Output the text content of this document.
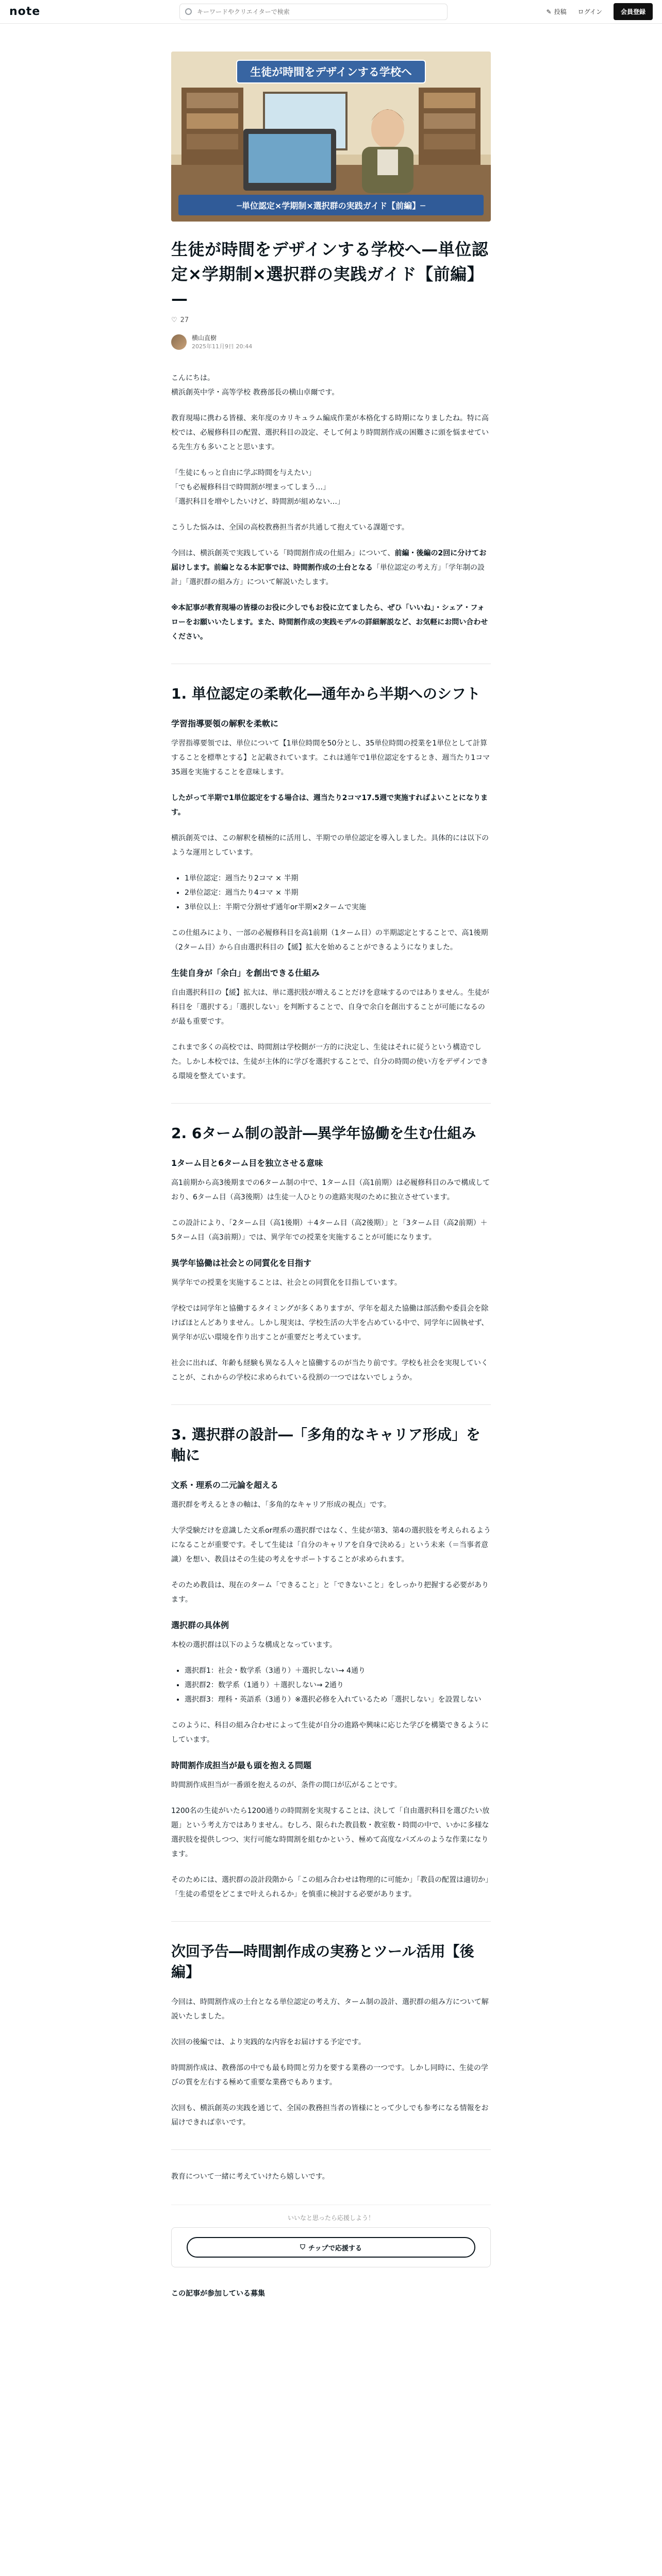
note
キーワードやクリエイターで検索	✎ 投稿 ログイン	会員登録
生徒が時間をデザインする学校へ
─単位認定×学期制×選択群の実践ガイド【前編】─
生徒が時間をデザインする学校へ—単位認定×学期制×選択群の実践ガイド【前編】—
♡ 27
横山直樹
2025年11月9日 20:44

こんにちは。
横浜創英中学・高等学校 教務部長の横山卓爾です。

教育現場に携わる皆様、来年度のカリキュラム編成作業が本格化する時期になりましたね。特に高校では、必履修科目の配置、選択科目の設定、そして何より時間割作成の困難さに頭を悩ませている先生方も多いことと思います。

「生徒にもっと自由に学ぶ時間を与えたい」
「でも必履修科目で時間割が埋まってしまう…」
「選択科目を増やしたいけど、時間割が組めない…」

こうした悩みは、全国の高校教務担当者が共通して抱えている課題です。

今回は、横浜創英で実践している「時間割作成の仕組み」について、前編・後編の2回に分けてお届けします。前編となる本記事では、時間割作成の土台となる「単位認定の考え方」「学年制の設計」「選択群の組み方」について解説いたします。

※本記事が教育現場の皆様のお役に少しでもお役に立てましたら、ぜひ「いいね」・シェア・フォローをお願いいたします。また、時間割作成の実践モデルの詳細解説など、お気軽にお問い合わせください。

1. 単位認定の柔軟化―通年から半期へのシフト
学習指導要領の解釈を柔軟に

学習指導要領では、単位について【1単位時間を50分とし、35単位時間の授業を1単位として計算することを標準とする】と記載されています。これは通年で1単位認定をするとき、週当たり1コマ35週を実施することを意味します。

したがって半期で1単位認定をする場合は、週当たり2コマ17.5週で実施すればよいことになります。

横浜創英では、この解釈を積極的に活用し、半期での単位認定を導入しました。具体的には以下のような運用としています。

• 1単位認定：週当たり2コマ × 半期
• 2単位認定：週当たり4コマ × 半期
• 3単位以上：半期で分割せず通年or半期×2タームで実施

この仕組みにより、一部の必履修科目を高1前期（1ターム目）の半期認定とすることで、高1後期（2ターム目）から自由選択科目の【緩】拡大を始めることができるようになりました。

生徒自身が「余白」を創出できる仕組み

自由選択科目の【緩】拡大は、単に選択肢が増えることだけを意味するのではありません。生徒が科目を「選択する」「選択しない」を判断することで、自身で余白を創出することが可能になるのが最も重要です。

これまで多くの高校では、時間割は学校側が一方的に決定し、生徒はそれに従うという構造でした。しかし本校では、生徒が主体的に学びを選択することで、自分の時間の使い方をデザインできる環境を整えています。

2. 6ターム制の設計―異学年協働を生む仕組み
1ターム目と6ターム目を独立させる意味

高1前期から高3後期までの6ターム制の中で、1ターム目（高1前期）は必履修科目のみで構成しており、6ターム目（高3後期）は生徒一人ひとりの進路実現のために独立させています。

この設計により、「2ターム目（高1後期）＋4ターム目（高2後期）」と「3ターム目（高2前期）＋5ターム目（高3前期）」では、異学年での授業を実施することが可能になります。

異学年協働は社会との同質化を目指す

異学年での授業を実施することは、社会との同質化を目指しています。

学校では同学年と協働するタイミングが多くありますが、学年を超えた協働は部活動や委員会を除けばほとんどありません。しかし現実は、学校生活の大半を占めている中で、同学年に固執せず、異学年が広い環境を作り出すことが重要だと考えています。

社会に出れば、年齢も経験も異なる人々と協働するのが当たり前です。学校も社会を実現していくことが、これからの学校に求められている役割の一つではないでしょうか。

3. 選択群の設計―「多角的なキャリア形成」を軸に
文系・理系の二元論を超える

選択群を考えるときの軸は、「多角的なキャリア形成の視点」です。

大学受験だけを意識した文系or理系の選択群ではなく、生徒が第3、第4の選択肢を考えられるようになることが重要です。そして生徒は「自分のキャリアを自身で決める」という未来（＝当事者意識）を想い、教員はその生徒の考えをサポートすることが求められます。

そのため教員は、現在のターム「できること」と「できないこと」をしっかり把握する必要があります。

選択群の具体例

本校の選択群は以下のような構成となっています。

• 選択群1：社会・数学系（3通り）＋選択しない→ 4通り
• 選択群2：数学系（1通り）＋選択しない→ 2通り
• 選択群3：理科・英語系（3通り）※選択必修を入れているため「選択しない」を設置しない

このように、科目の組み合わせによって生徒が自分の進路や興味に応じた学びを構築できるようにしています。

時間割作成担当が最も頭を抱える問題

時間割作成担当が一番頭を抱えるのが、条件の間口が広がることです。

1200名の生徒がいたら1200通りの時間割を実現することは、決して「自由選択科目を選びたい放題」という考え方ではありません。むしろ、限られた教員数・教室数・時間の中で、いかに多様な選択肢を提供しつつ、実行可能な時間割を組むかという、極めて高度なパズルのような作業になります。

そのためには、選択群の設計段階から「この組み合わせは物理的に可能か」「教員の配置は適切か」「生徒の希望をどこまで叶えられるか」を慎重に検討する必要があります。

次回予告―時間割作成の実務とツール活用【後編】

今回は、時間割作成の土台となる単位認定の考え方、ターム制の設計、選択群の組み方について解説いたしました。

次回の後編では、より実践的な内容をお届けする予定です。

時間割作成は、教務部の中でも最も時間と労力を要する業務の一つです。しかし同時に、生徒の学びの質を左右する極めて重要な業務でもあります。

次回も、横浜創英の実践を通じて、全国の教務担当者の皆様にとって少しでも参考になる情報をお届けできれば幸いです。

教育について一緒に考えていけたら嬉しいです。

いいなと思ったら応援しよう！
⛉ チップで応援する
この記事が参加している募集
